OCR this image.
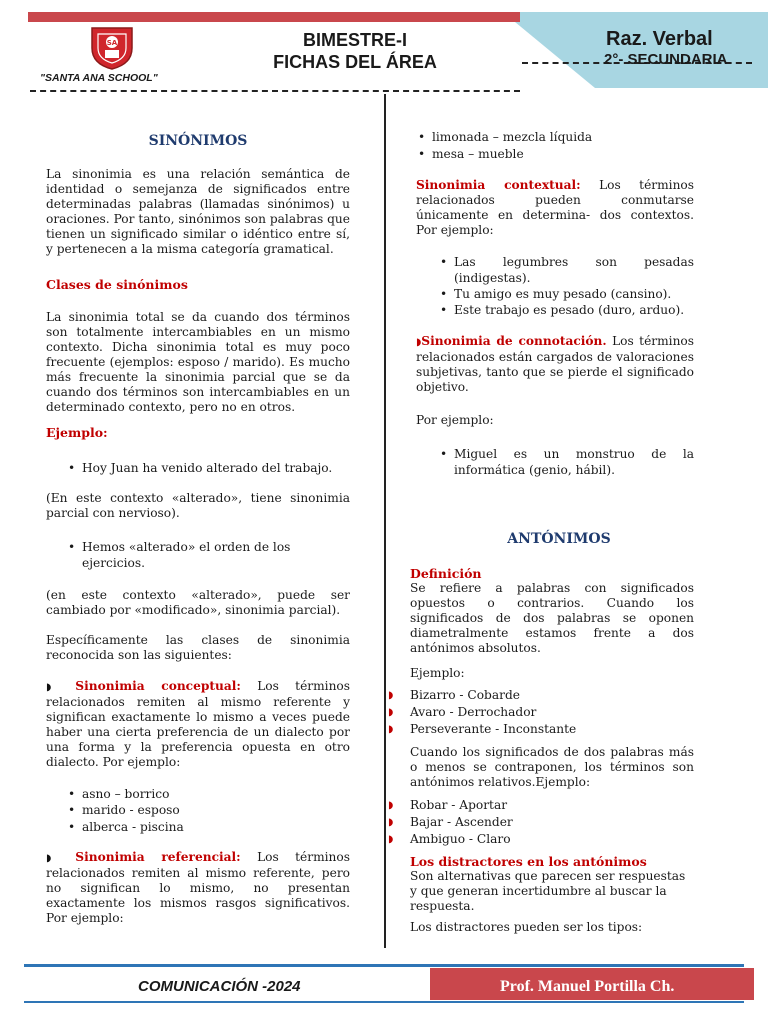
SA
"SANTA ANA SCHOOL"
BIMESTRE-I
FICHAS DEL ÁREA
Raz. Verbal
2°- SECUNDARIA
SINÓNIMOS

La sinonimia es una relación semántica de identidad o semejanza de significados entre determinadas palabras (llamadas sinónimos) u oraciones. Por tanto, sinónimos son palabras que tienen un significado similar o idéntico entre sí, y pertenecen a la misma categoría gramatical.

Clases de sinónimos

La sinonimia total se da cuando dos términos son totalmente intercambiables en un mismo contexto. Dicha sinonimia total es muy poco frecuente (ejemplos: esposo / marido). Es mucho más frecuente la sinonimia parcial que se da cuando dos términos son intercambiables en un determinado contexto, pero no en otros.

Ejemplo:
• Hoy Juan ha venido alterado del trabajo.

(En este contexto «alterado», tiene sinonimia parcial con nervioso).

• Hemos «alterado» el orden de los ejercicios.

(en este contexto «alterado», puede ser cambiado por «modificado», sinonimia parcial).

Específicamente las clases de sinonimia reconocida son las siguientes:

◗ Sinonimia conceptual: Los términos relacionados remiten al mismo referente y significan exactamente lo mismo a veces puede haber una cierta preferencia de un dialecto por una forma y la preferencia opuesta en otro dialecto. Por ejemplo:

• asno – borrico
• marido - esposo
• alberca - piscina

◗ Sinonimia referencial: Los términos relacionados remiten al mismo referente, pero no significan lo mismo, no presentan exactamente los mismos rasgos significativos. Por ejemplo:

• limonada – mezcla líquida
• mesa – mueble

Sinonimia contextual: Los términos relacionados pueden conmutarse únicamente en determina- dos contextos. Por ejemplo:

• Las legumbres son pesadas (indigestas).
• Tu amigo es muy pesado (cansino).
• Este trabajo es pesado (duro, arduo).

◗Sinonimia de connotación. Los términos relacionados están cargados de valoraciones subjetivas, tanto que se pierde el significado objetivo.

Por ejemplo:

• Miguel es un monstruo de la informática (genio, hábil).
ANTÓNIMOS
Definición

Se refiere a palabras con significados opuestos o contrarios. Cuando los significados de dos palabras se oponen diametralmente estamos frente a dos antónimos absolutos.

Ejemplo:

◗ Bizarro - Cobarde
◗ Avaro - Derrochador
◗ Perseverante - Inconstante

Cuando los significados de dos palabras más o menos se contraponen, los términos son antónimos relativos.Ejemplo:

◗ Robar - Aportar
◗ Bajar - Ascender
◗ Ambiguo - Claro
Los distractores en los antónimos

Son alternativas que parecen ser respuestas y que generan incertidumbre al buscar la respuesta.

Los distractores pueden ser los tipos:

COMUNICACIÓN -2024	Prof. Manuel Portilla Ch.
